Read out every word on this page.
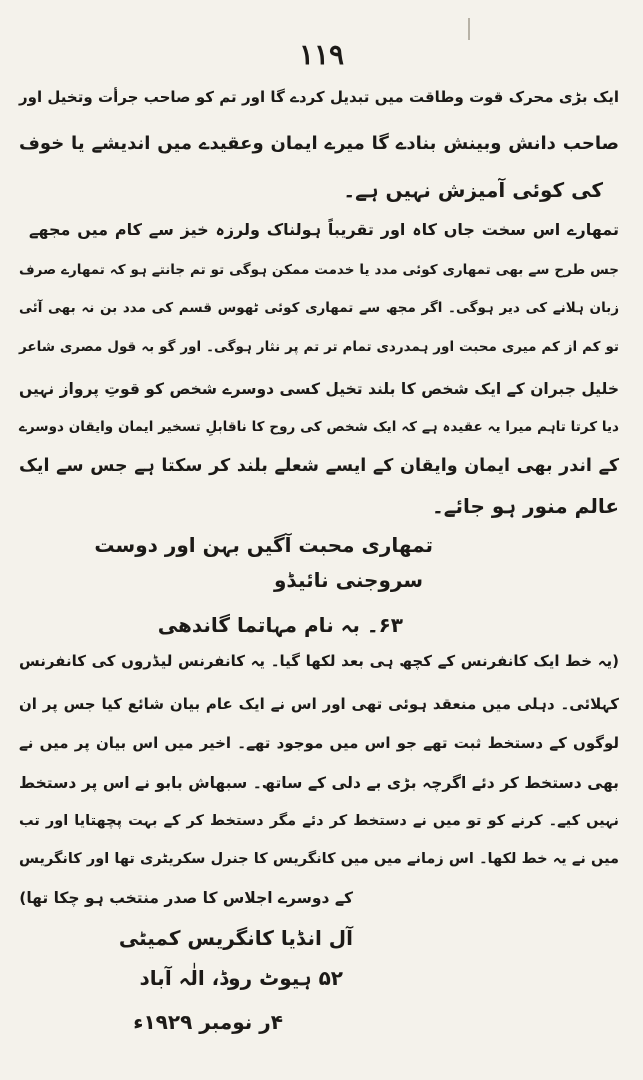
۱۱۹
ایک بڑی محرک قوت وطاقت میں تبدیل کردے گا اور تم کو صاحب جرأت وتخیل اور
صاحب دانش وبینش بنادے گا میرے ایمان وعقیدے میں اندیشے یا خوف
کی کوئی آمیزش نہیں ہے۔
تمھارے اس سخت جاں کاہ اور تقریباً ہولناک ولرزہ خیز سے کام میں مجھے
جس طرح سے بھی تمھاری کوئی مدد یا خدمت ممکن ہوگی تو تم جانتے ہو کہ تمھارے صرف
زبان ہلانے کی دیر ہوگی۔ اگر مجھ سے تمھاری کوئی ٹھوس قسم کی مدد بن نہ بھی آئی
تو کم از کم میری محبت اور ہمدردی تمام تر تم پر نثار ہوگی۔ اور گو بہ قول مصری شاعر
خلیل جبران کے ایک شخص کا بلند تخیل کسی دوسرے شخص کو قوتِ پرواز نہیں
دیا کرتا تاہم میرا یہ عقیدہ ہے کہ ایک شخص کی روح کا ناقابلِ تسخیر ایمان وایقان دوسرے
کے اندر بھی ایمان وایقان کے ایسے شعلے بلند کر سکتا ہے جس سے ایک
عالم منور ہو جائے۔
تمھاری محبت آگیں بہن اور دوست
سروجنی نائیڈو
۶۳۔ بہ نام مہاتما گاندھی
(یہ خط ایک کانفرنس کے کچھ ہی بعد لکھا گیا۔ یہ کانفرنس لیڈروں کی کانفرنس
کہلائی۔ دہلی میں منعقد ہوئی تھی اور اس نے ایک عام بیان شائع کیا جس پر ان
لوگوں کے دستخط ثبت تھے جو اس میں موجود تھے۔ اخیر میں اس بیان پر میں نے
بھی دستخط کر دئے اگرچہ بڑی بے دلی کے ساتھ۔ سبھاش بابو نے اس پر دستخط
نہیں کیے۔ کرنے کو تو میں نے دستخط کر دئے مگر دستخط کر کے بہت پچھتایا اور تب
میں نے یہ خط لکھا۔ اس زمانے میں میں کانگریس کا جنرل سکریٹری تھا اور کانگریس
کے دوسرے اجلاس کا صدر منتخب ہو چکا تھا)
آل انڈیا کانگریس کمیٹی
۵۲ ہیوٹ روڈ، الٰہ آباد
۴ر نومبر ۱۹۲۹ء
